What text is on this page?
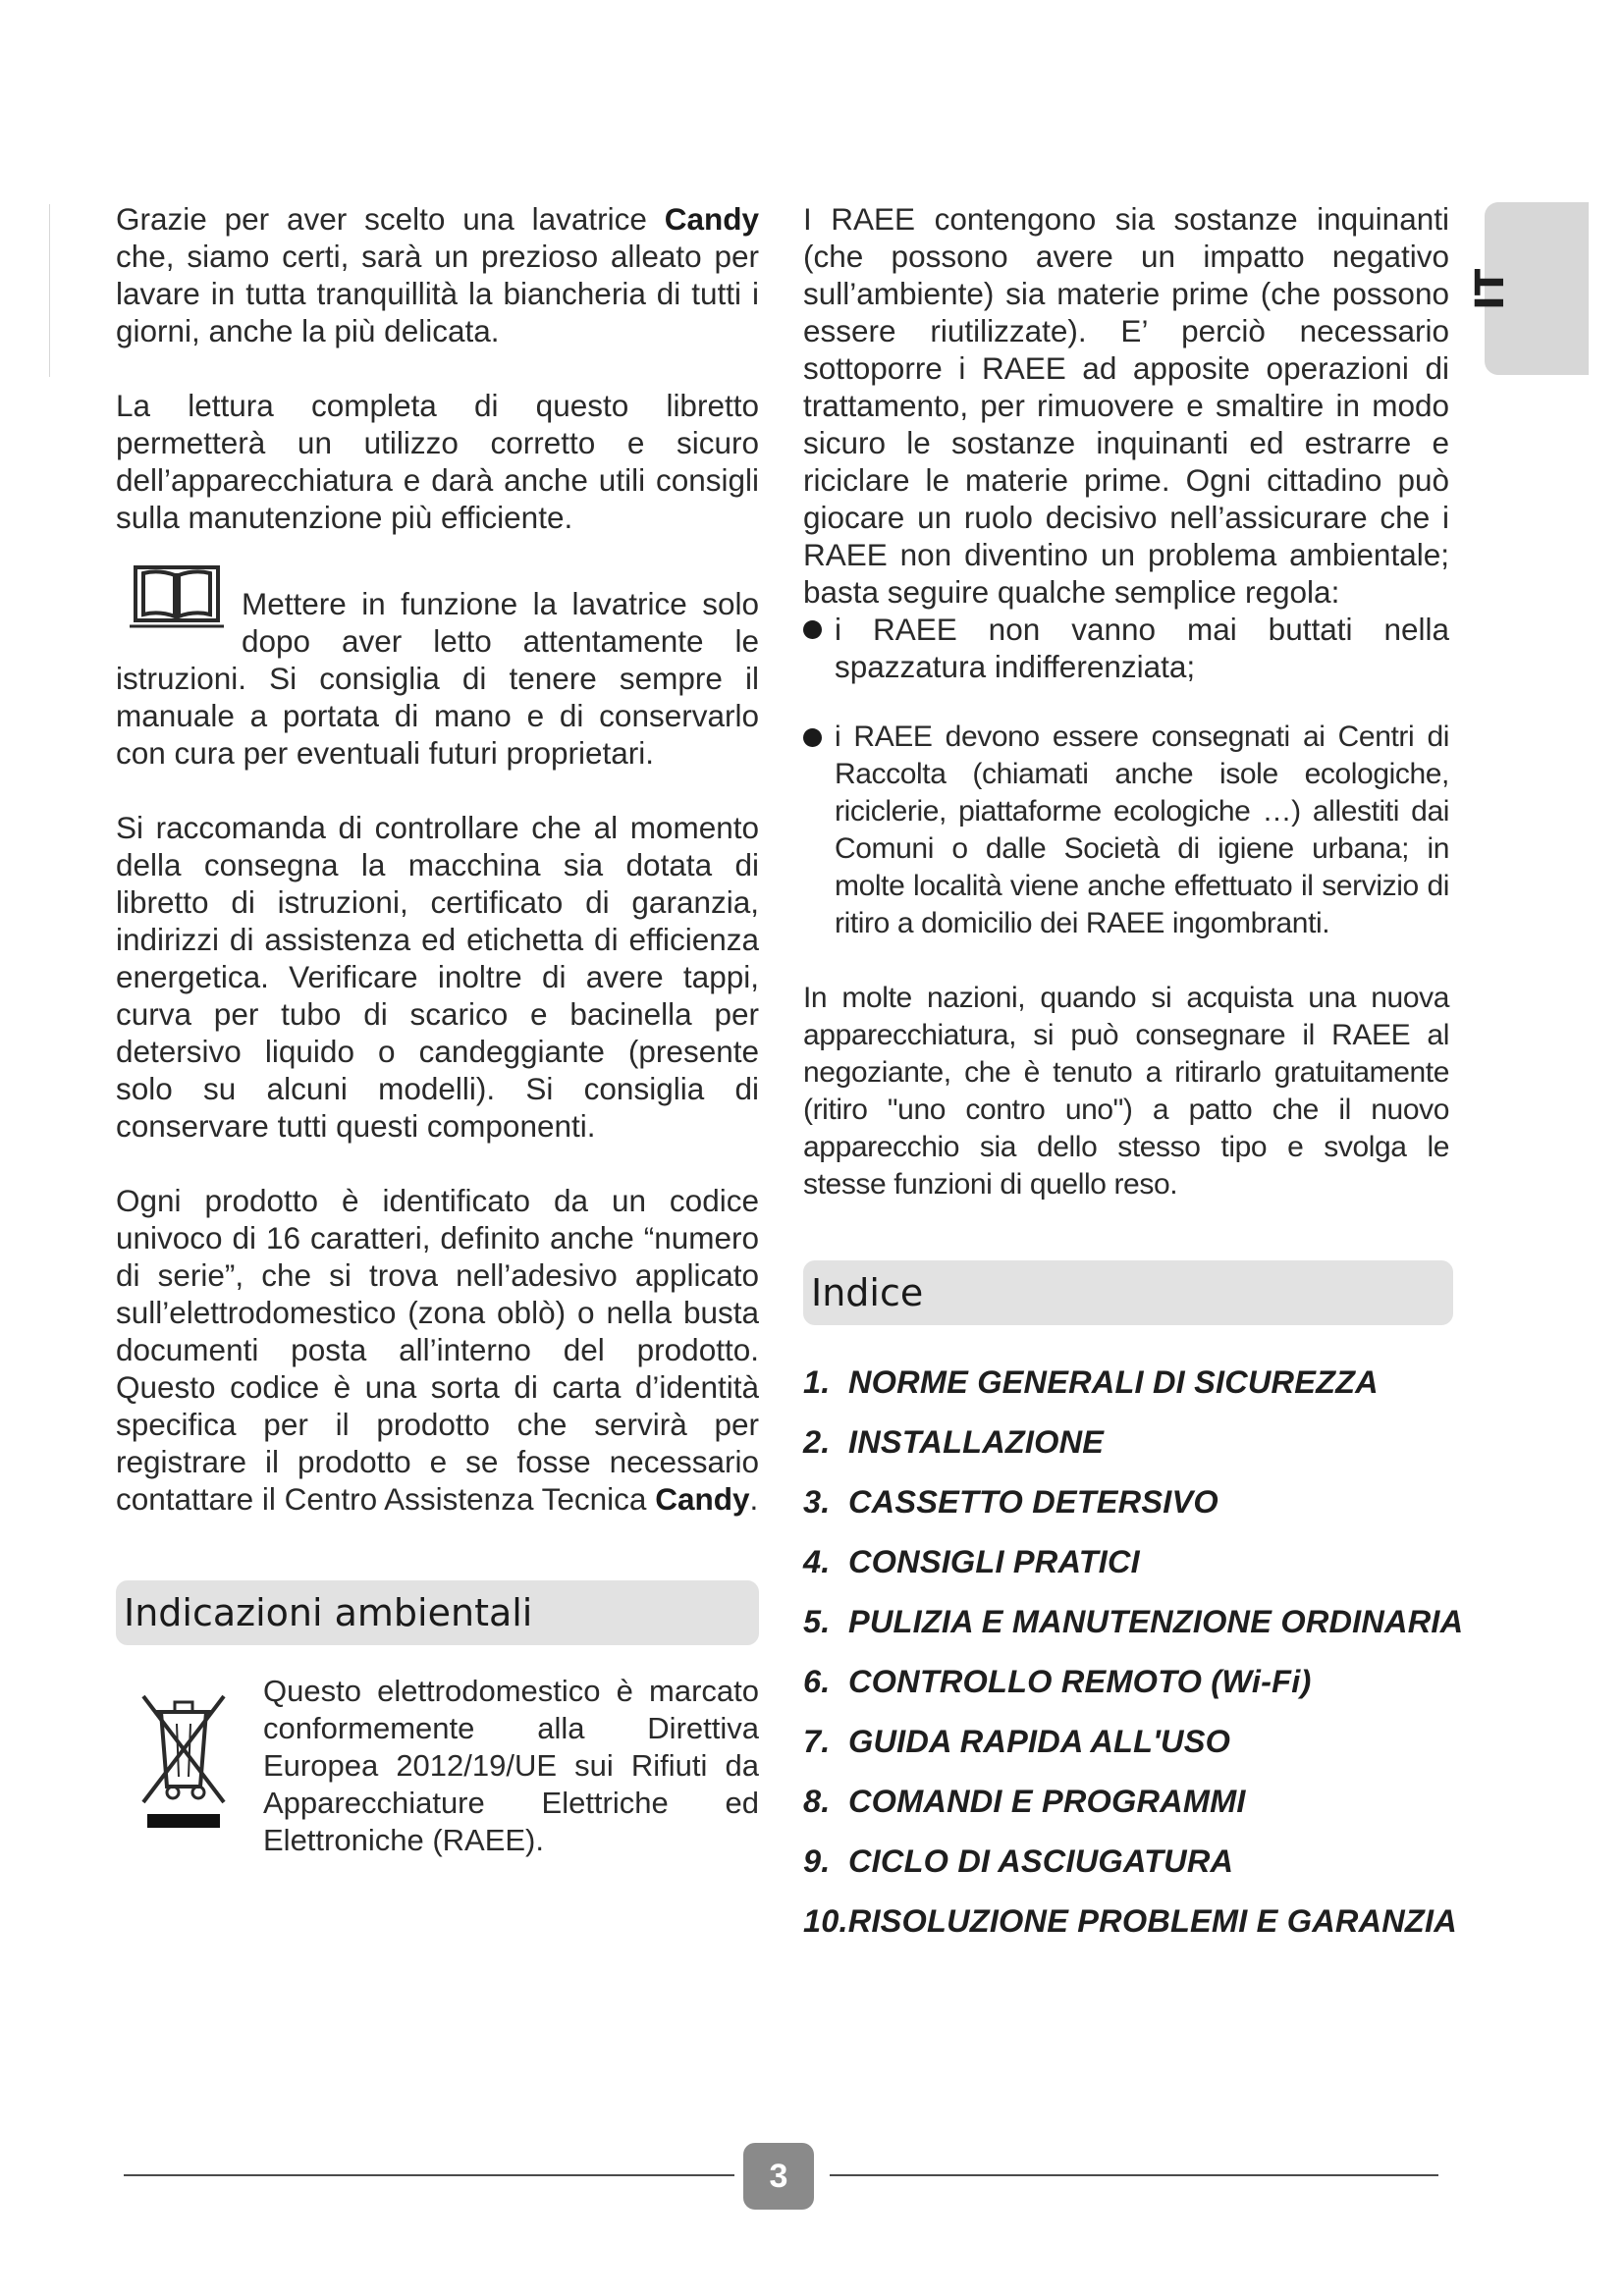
IT

Grazie per aver scelto una lavatrice Candy che, siamo certi, sarà un prezioso alleato per lavare in tutta tranquillità la biancheria di tutti i giorni, anche la più delicata.

La lettura completa di questo libretto permetterà un utilizzo corretto e sicuro dell’apparecchiatura e darà anche utili consigli sulla manutenzione più efficiente.

Mettere in funzione la lavatrice solo dopo aver letto attentamente le istruzioni. Si consiglia di tenere sempre il manuale a portata di mano e di conservarlo con cura per eventuali futuri proprietari.

Si raccomanda di controllare che al momento della consegna la macchina sia dotata di libretto di istruzioni, certificato di garanzia, indirizzi di assistenza ed etichetta di efficienza energetica. Verificare inoltre di avere tappi, curva per tubo di scarico e bacinella per detersivo liquido o candeggiante (presente solo su alcuni modelli). Si consiglia di conservare tutti questi componenti.

Ogni prodotto è identificato da un codice univoco di 16 caratteri, definito anche “numero di serie”, che si trova nell’adesivo applicato sull’elettrodomestico (zona oblò) o nella busta documenti posta all’interno del prodotto. Questo codice è una sorta di carta d’identità specifica per il prodotto che servirà per registrare il prodotto e se fosse necessario contattare il Centro Assistenza Tecnica Candy.

Indicazioni ambientali

Questo elettrodomestico è marcato conformemente alla Direttiva Europea 2012/19/UE sui Rifiuti da Apparecchiature Elettriche ed Elettroniche (RAEE).

I RAEE contengono sia sostanze inquinanti (che possono avere un impatto negativo sull’ambiente) sia materie prime (che possono essere riutilizzate). E’ perciò necessario sottoporre i RAEE ad apposite operazioni di trattamento, per rimuovere e smaltire in modo sicuro le sostanze inquinanti ed estrarre e riciclare le materie prime. Ogni cittadino può giocare un ruolo decisivo nell’assicurare che i RAEE non diventino un problema ambientale; basta seguire qualche semplice regola:

i RAEE non vanno mai buttati nella spazzatura indifferenziata;

i RAEE devono essere consegnati ai Centri di Raccolta (chiamati anche isole ecologiche, riciclerie, piattaforme ecologiche …) allestiti dai Comuni o dalle Società di igiene urbana; in molte località viene anche effettuato il servizio di ritiro a domicilio dei RAEE ingombranti.

In molte nazioni, quando si acquista una nuova apparecchiatura, si può consegnare il RAEE al negoziante, che è tenuto a ritirarlo gratuitamente (ritiro "uno contro uno") a patto che il nuovo apparecchio sia dello stesso tipo e svolga le stesse funzioni di quello reso.

Indice
1. NORME GENERALI DI SICUREZZA
2. INSTALLAZIONE
3. CASSETTO DETERSIVO
4. CONSIGLI PRATICI
5. PULIZIA E MANUTENZIONE ORDINARIA
6. CONTROLLO REMOTO (Wi-Fi)
7. GUIDA RAPIDA ALL'USO
8. COMANDI E PROGRAMMI
9. CICLO DI ASCIUGATURA
10.RISOLUZIONE PROBLEMI E GARANZIA
3
